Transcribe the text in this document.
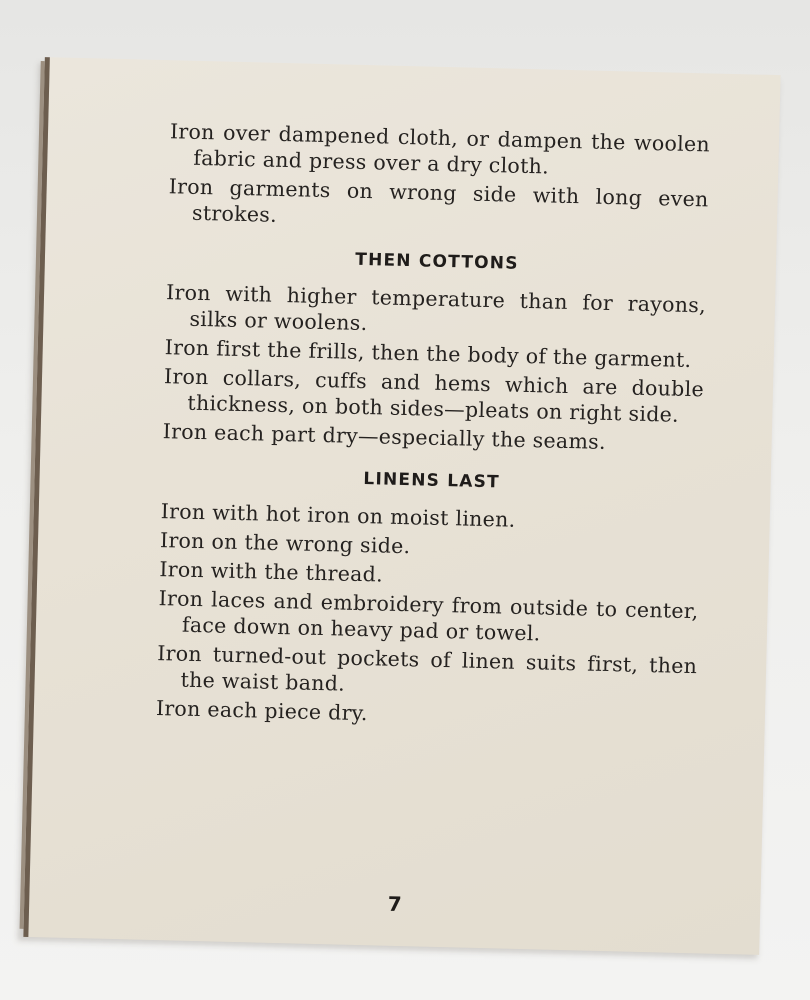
Iron over dampened cloth, or dampen the woolen fabric and press over a dry cloth.

Iron garments on wrong side with long even strokes.

THEN COTTONS

Iron with higher temperature than for rayons, silks or woolens.

Iron first the frills, then the body of the garment.

Iron collars, cuffs and hems which are double thickness, on both sides—pleats on right side.

Iron each part dry—especially the seams.

LINENS LAST

Iron with hot iron on moist linen.

Iron on the wrong side.

Iron with the thread.

Iron laces and embroidery from outside to center, face down on heavy pad or towel.

Iron turned-out pockets of linen suits first, then the waist band.

Iron each piece dry.

7
